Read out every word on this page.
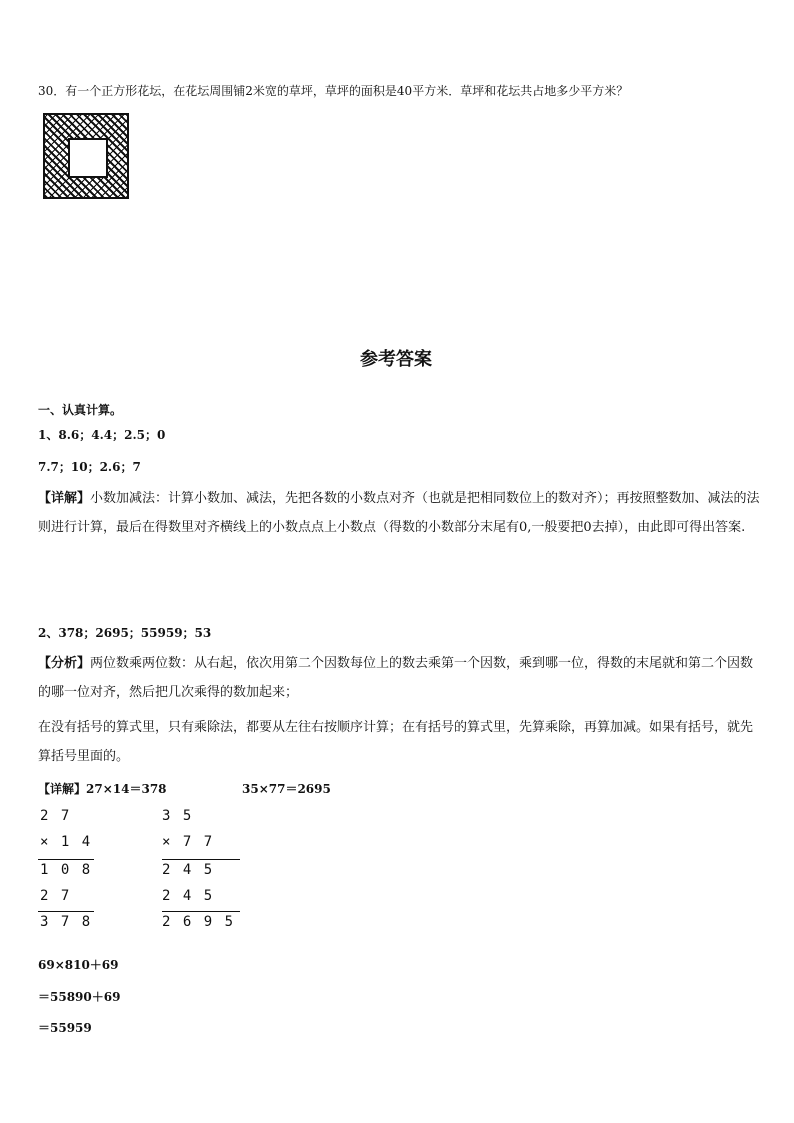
30．有一个正方形花坛，在花坛周围铺2米宽的草坪，草坪的面积是40平方米．草坪和花坛共占地多少平方米？
参考答案
一、认真计算。
1、8.6；4.4；2.5；0
7.7；10；2.6；7
【详解】小数加减法：计算小数加、减法，先把各数的小数点对齐（也就是把相同数位上的数对齐）；再按照整数加、减法的法则进行计算，最后在得数里对齐横线上的小数点点上小数点（得数的小数部分末尾有0,一般要把0去掉），由此即可得出答案.
2、378；2695；55959；53
【分析】两位数乘两位数：从右起，依次用第二个因数每位上的数去乘第一个因数，乘到哪一位，得数的末尾就和第二个因数的哪一位对齐，然后把几次乘得的数加起来；
在没有括号的算式里，只有乘除法，都要从左往右按顺序计算；在有括号的算式里，先算乘除，再算加减。如果有括号，就先算括号里面的。
【详解】27×14＝378	35×77＝2695
2 7
× 1 4
1 0 8
2 7
3 7 8
3 5
× 7 7
2 4 5
2 4 5
2 6 9 5
69×810＋69
＝55890＋69
＝55959
